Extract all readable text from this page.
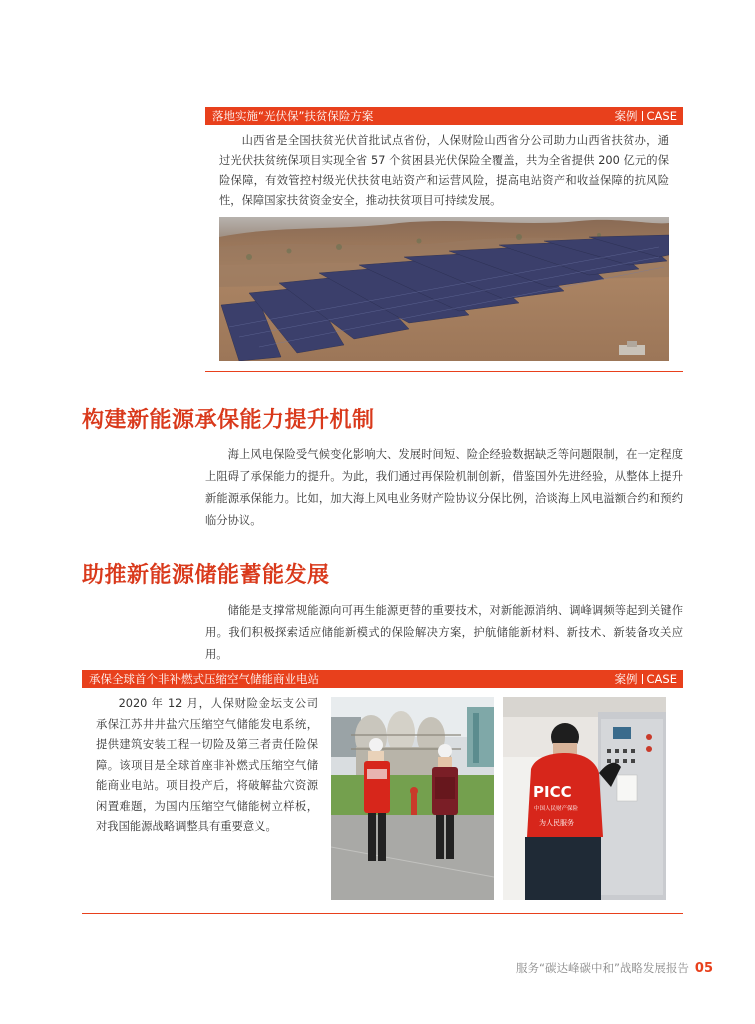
落地实施“光伏保”扶贫保险方案	案例 CASE
山西省是全国扶贫光伏首批试点省份，人保财险山西省分公司助力山西省扶贫办，通过光伏扶贫统保项目实现全省 57 个贫困县光伏保险全覆盖，共为全省提供 200 亿元的保险保障，有效管控村级光伏扶贫电站资产和运营风险，提高电站资产和收益保障的抗风险性，保障国家扶贫资金安全，推动扶贫项目可持续发展。
构建新能源承保能力提升机制
海上风电保险受气候变化影响大、发展时间短、险企经验数据缺乏等问题限制，在一定程度上阻碍了承保能力的提升。为此，我们通过再保险机制创新，借鉴国外先进经验，从整体上提升新能源承保能力。比如，加大海上风电业务财产险协议分保比例，洽谈海上风电溢额合约和预约临分协议。
助推新能源储能蓄能发展
储能是支撑常规能源向可再生能源更替的重要技术，对新能源消纳、调峰调频等起到关键作用。我们积极探索适应储能新模式的保险解决方案，护航储能新材料、新技术、新装备攻关应用。
承保全球首个非补燃式压缩空气储能商业电站	案例 CASE
2020 年 12 月，人保财险金坛支公司承保江苏井井盐穴压缩空气储能发电系统，提供建筑安装工程一切险及第三者责任险保障。该项目是全球首座非补燃式压缩空气储能商业电站。项目投产后，将破解盐穴资源闲置难题，为国内压缩空气储能树立样板，对我国能源战略调整具有重要意义。
PICC
中国人民财产保险
为人民服务
服务“碳达峰碳中和”战略发展报告 05
